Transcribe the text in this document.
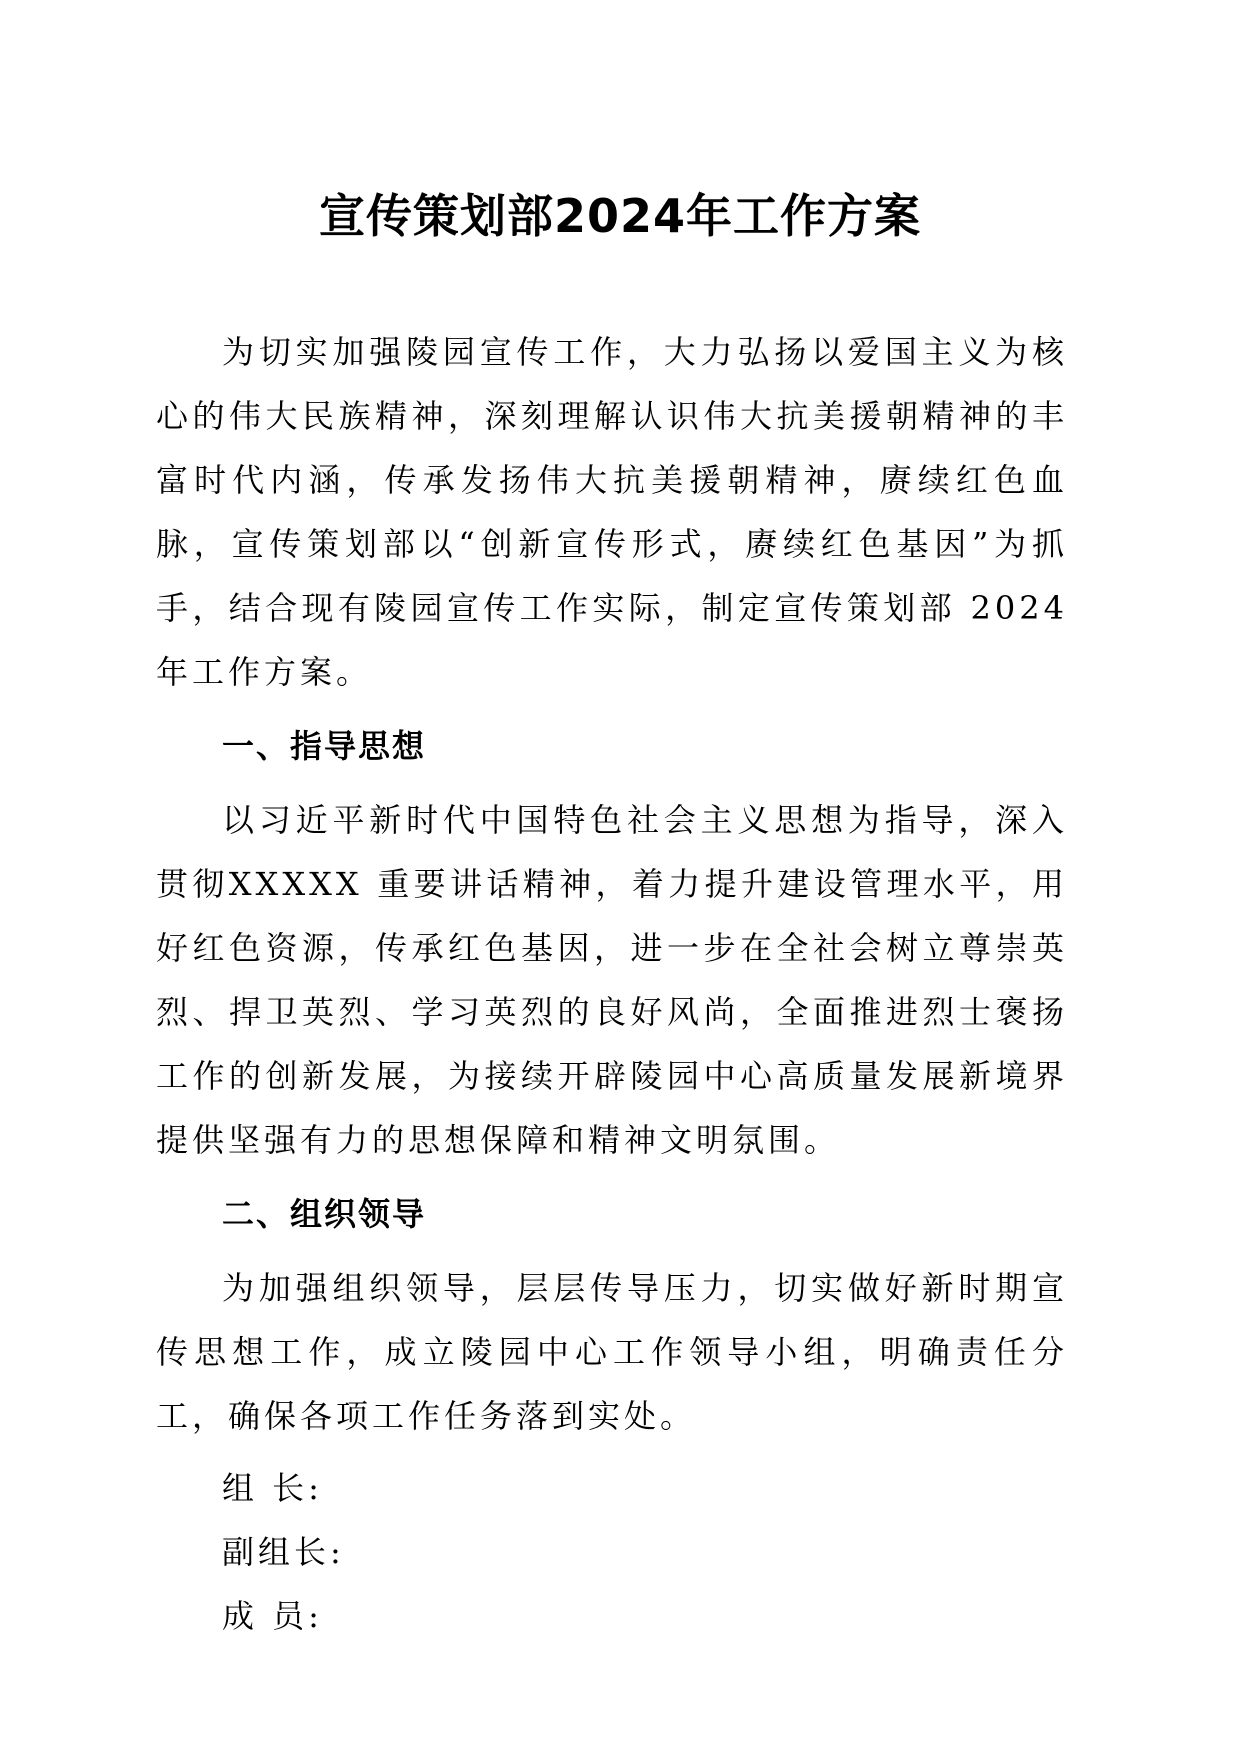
宣传策划部2024年工作方案

为切实加强陵园宣传工作，大力弘扬以爱国主义为核心的伟大民族精神，深刻理解认识伟大抗美援朝精神的丰富时代内涵，传承发扬伟大抗美援朝精神，赓续红色血脉，宣传策划部以“创新宣传形式，赓续红色基因”为抓手，结合现有陵园宣传工作实际，制定宣传策划部 2024 年工作方案。

一、指导思想

以习近平新时代中国特色社会主义思想为指导，深入贯彻XXXXX 重要讲话精神，着力提升建设管理水平，用好红色资源，传承红色基因，进一步在全社会树立尊崇英烈、捍卫英烈、学习英烈的良好风尚，全面推进烈士褒扬工作的创新发展，为接续开辟陵园中心高质量发展新境界提供坚强有力的思想保障和精神文明氛围。

二、组织领导

为加强组织领导，层层传导压力，切实做好新时期宣传思想工作，成立陵园中心工作领导小组，明确责任分工，确保各项工作任务落到实处。

组 长:

副组长:

成 员:
